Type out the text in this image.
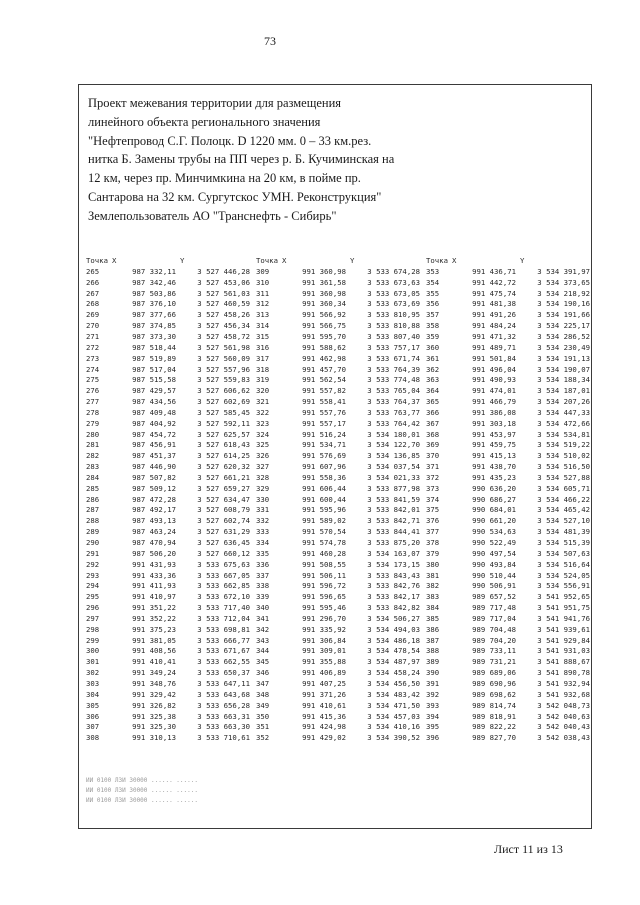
73
Проект межевания территории для размещения
линейного объекта регионального значения
"Нефтепровод С.Г. Полоцк. D 1220 мм. 0 – 33 км.рез.
нитка Б. Замены трубы на ПП через р. Б. Кучиминская на
12 км, через пр. Минчимкина на 20 км, в пойме пр.
Сантарова на 32 км. Сургутскос УМН. Реконструкция"
Землепользователь АО "Транснефть - Сибирь"
Точка	X	Y	Точка	X	Y	Точка	X	Y
265	987 332,11	3 527 446,28	309	991 360,98	3 533 674,28	353	991 436,71	3 534 391,97
266	987 342,46	3 527 453,06	310	991 361,58	3 533 673,63	354	991 442,72	3 534 373,65
267	987 503,86	3 527 561,03	311	991 360,98	3 533 673,05	355	991 475,74	3 534 218,92
268	987 376,10	3 527 460,59	312	991 360,34	3 533 673,69	356	991 481,38	3 534 190,16
269	987 377,66	3 527 458,26	313	991 566,92	3 533 810,95	357	991 491,26	3 534 191,66
270	987 374,85	3 527 456,34	314	991 566,75	3 533 810,88	358	991 484,24	3 534 225,17
271	987 373,30	3 527 458,72	315	991 595,70	3 533 807,40	359	991 471,32	3 534 286,52
272	987 518,44	3 527 561,98	316	991 588,62	3 533 757,17	360	991 489,71	3 534 230,49
273	987 519,89	3 527 560,09	317	991 462,98	3 533 671,74	361	991 501,84	3 534 191,13
274	987 517,04	3 527 557,96	318	991 457,70	3 533 764,39	362	991 496,04	3 534 190,07
275	987 515,58	3 527 559,83	319	991 562,54	3 533 774,48	363	991 490,93	3 534 188,34
276	987 429,57	3 527 606,62	320	991 557,82	3 533 765,04	364	991 474,01	3 534 187,01
277	987 434,56	3 527 602,69	321	991 558,41	3 533 764,37	365	991 466,79	3 534 207,26
278	987 409,48	3 527 585,45	322	991 557,76	3 533 763,77	366	991 386,08	3 534 447,33
279	987 404,92	3 527 592,11	323	991 557,17	3 533 764,42	367	991 303,18	3 534 472,66
280	987 454,72	3 527 625,57	324	991 516,24	3 534 180,01	368	991 453,97	3 534 534,81
281	987 456,91	3 527 618,43	325	991 534,71	3 534 122,70	369	991 459,75	3 534 519,22
282	987 451,37	3 527 614,25	326	991 576,69	3 534 136,85	370	991 415,13	3 534 510,02
283	987 446,90	3 527 620,32	327	991 607,96	3 534 037,54	371	991 438,70	3 534 516,50
284	987 507,82	3 527 661,21	328	991 558,36	3 534 021,33	372	991 435,23	3 534 527,88
285	987 509,12	3 527 659,27	329	991 606,44	3 533 877,98	373	990 636,20	3 534 605,71
286	987 472,28	3 527 634,47	330	991 600,44	3 533 841,59	374	990 686,27	3 534 466,22
287	987 492,17	3 527 608,79	331	991 595,96	3 533 842,01	375	990 684,01	3 534 465,42
288	987 493,13	3 527 602,74	332	991 589,02	3 533 842,71	376	990 661,20	3 534 527,10
289	987 463,24	3 527 631,29	333	991 570,54	3 533 844,41	377	990 534,63	3 534 481,39
290	987 470,94	3 527 636,45	334	991 574,78	3 533 875,20	378	990 522,49	3 534 515,39
291	987 506,20	3 527 660,12	335	991 460,28	3 534 163,07	379	990 497,54	3 534 507,63
292	991 431,93	3 533 675,63	336	991 508,55	3 534 173,15	380	990 493,84	3 534 516,64
293	991 433,36	3 533 667,05	337	991 506,11	3 533 843,43	381	990 510,44	3 534 524,05
294	991 411,93	3 533 662,85	338	991 596,72	3 533 842,76	382	990 506,91	3 534 556,91
295	991 410,97	3 533 672,10	339	991 596,65	3 533 842,17	383	989 657,52	3 541 952,65
296	991 351,22	3 533 717,40	340	991 595,46	3 533 842,82	384	989 717,48	3 541 951,75
297	991 352,22	3 533 712,04	341	991 296,70	3 534 506,27	385	989 717,04	3 541 941,76
298	991 375,23	3 533 698,81	342	991 335,92	3 534 494,03	386	989 704,48	3 541 939,61
299	991 381,05	3 533 666,77	343	991 306,84	3 534 486,18	387	989 704,20	3 541 929,84
300	991 408,56	3 533 671,67	344	991 309,01	3 534 478,54	388	989 733,11	3 541 931,03
301	991 410,41	3 533 662,55	345	991 355,88	3 534 487,97	389	989 731,21	3 541 888,67
302	991 349,24	3 533 650,37	346	991 406,89	3 534 458,24	390	989 689,06	3 541 890,78
303	991 348,76	3 533 647,11	347	991 407,25	3 534 456,50	391	989 690,96	3 541 932,94
304	991 329,42	3 533 643,68	348	991 371,26	3 534 483,42	392	989 698,62	3 541 932,68
305	991 326,82	3 533 656,28	349	991 410,61	3 534 471,50	393	989 814,74	3 542 048,73
306	991 325,38	3 533 663,31	350	991 415,36	3 534 457,03	394	989 818,91	3 542 040,63
307	991 325,30	3 533 663,30	351	991 424,98	3 534 410,16	395	989 822,22	3 542 040,43
308	991 310,13	3 533 710,61	352	991 429,02	3 534 390,52	396	989 827,70	3 542 038,43
ИИ 0100 ЛЗИ 30000 ...... ......
ИИ 0100 ЛЗИ 30000 ...... ......
ИИ 0100 ЛЗИ 30000 ...... ......
Лист 11 из 13
